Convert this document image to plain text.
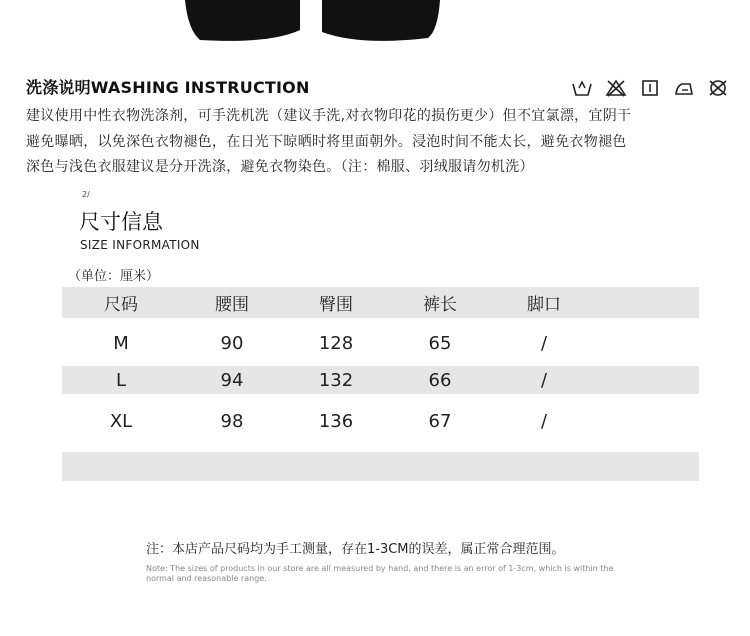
洗涤说明WASHING INSTRUCTION
建议使用中性衣物洗涤剂，可手洗机洗（建议手洗,对衣物印花的损伤更少）但不宜氯漂，宜阴干
避免曝晒，以免深色衣物褪色，在日光下晾晒时将里面朝外。浸泡时间不能太长，避免衣物褪色
深色与浅色衣服建议是分开洗涤，避免衣物染色。（注：棉服、羽绒服请勿机洗）
2/
尺寸信息
SIZE INFORMATION
（单位：厘米）
尺码	腰围	臀围	裤长	脚口
M	90	128	65	/
L	94	132	66	/
XL	98	136	67	/
注：本店产品尺码均为手工测量，存在1-3CM的误差，属正常合理范围。
Note: The sizes of products in our store are all measured by hand, and there is an error of 1-3cm, which is within the normal and reasonable range.
